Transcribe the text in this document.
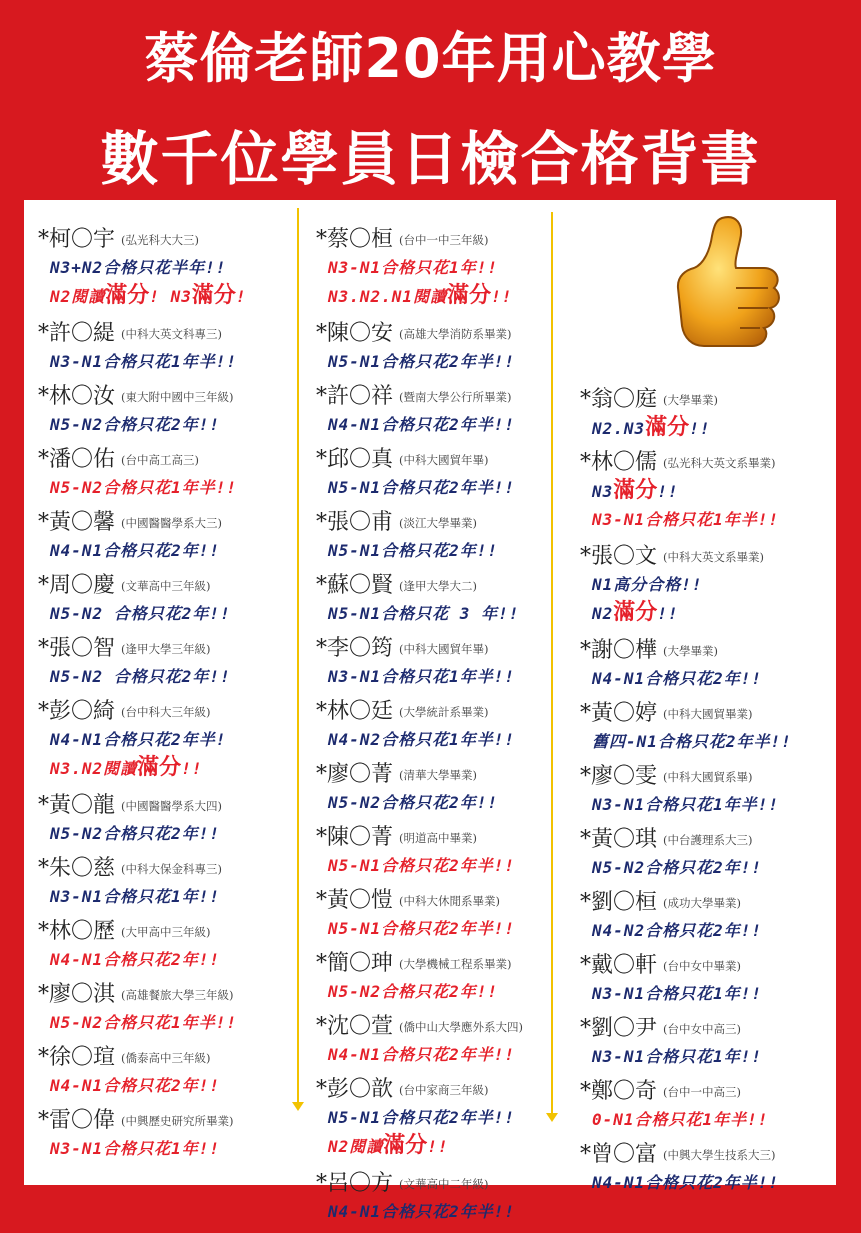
蔡倫老師20年用心教學
數千位學員日檢合格背書
*柯〇宇 (弘光科大大三)
N3+N2合格只花半年!!
N2閱讀滿分! N3滿分!
*許〇緹 (中科大英文科專三)
N3-N1合格只花1年半!!
*林〇汝 (東大附中國中三年級)
N5-N2合格只花2年!!
*潘〇佑 (台中高工高三)
N5-N2合格只花1年半!!
*黃〇馨 (中國醫醫學系大三)
N4-N1合格只花2年!!
*周〇慶 (文華高中三年級)
N5-N2 合格只花2年!!
*張〇智 (逢甲大學三年級)
N5-N2 合格只花2年!!
*彭〇綺 (台中科大三年級)
N4-N1合格只花2年半!
N3.N2閱讀滿分!!
*黃〇龍 (中國醫醫學系大四)
N5-N2合格只花2年!!
*朱〇慈 (中科大保金科專三)
N3-N1合格只花1年!!
*林〇歷 (大甲高中三年級)
N4-N1合格只花2年!!
*廖〇淇 (高雄餐旅大學三年級)
N5-N2合格只花1年半!!
*徐〇瑄 (僑泰高中三年級)
N4-N1合格只花2年!!
*雷〇偉 (中興歷史研究所畢業)
N3-N1合格只花1年!!
*蔡〇桓 (台中一中三年級)
N3-N1合格只花1年!!
N3.N2.N1閱讀滿分!!
*陳〇安 (高雄大學消防系畢業)
N5-N1合格只花2年半!!
*許〇祥 (暨南大學公行所畢業)
N4-N1合格只花2年半!!
*邱〇真 (中科大國貿年畢)
N5-N1合格只花2年半!!
*張〇甫 (淡江大學畢業)
N5-N1合格只花2年!!
*蘇〇賢 (逢甲大學大二)
N5-N1合格只花 3 年!!
*李〇筠 (中科大國貿年畢)
N3-N1合格只花1年半!!
*林〇廷 (大學統計系畢業)
N4-N2合格只花1年半!!
*廖〇菁 (清華大學畢業)
N5-N2合格只花2年!!
*陳〇菁 (明道高中畢業)
N5-N1合格只花2年半!!
*黃〇愷 (中科大休閒系畢業)
N5-N1合格只花2年半!!
*簡〇珅 (大學機械工程系畢業)
N5-N2合格只花2年!!
*沈〇萱 (僑中山大學應外系大四)
N4-N1合格只花2年半!!
*彭〇歆 (台中家商三年級)
N5-N1合格只花2年半!!
N2閱讀滿分!!
*呂〇方 (文華高中二年級)
N4-N1合格只花2年半!!
*翁〇庭 (大學畢業)
N2.N3滿分!!
*林〇儒 (弘光科大英文系畢業)
N3滿分!!
N3-N1合格只花1年半!!
*張〇文 (中科大英文系畢業)
N1高分合格!!
N2滿分!!
*謝〇樺 (大學畢業)
N4-N1合格只花2年!!
*黃〇婷 (中科大國貿畢業)
舊四-N1合格只花2年半!!
*廖〇雯 (中科大國貿系畢)
N3-N1合格只花1年半!!
*黃〇琪 (中台護理系大三)
N5-N2合格只花2年!!
*劉〇桓 (成功大學畢業)
N4-N2合格只花2年!!
*戴〇軒 (台中女中畢業)
N3-N1合格只花1年!!
*劉〇尹 (台中女中高三)
N3-N1合格只花1年!!
*鄭〇奇 (台中一中高三)
0-N1合格只花1年半!!
*曾〇富 (中興大學生技系大三)
N4-N1合格只花2年半!!
